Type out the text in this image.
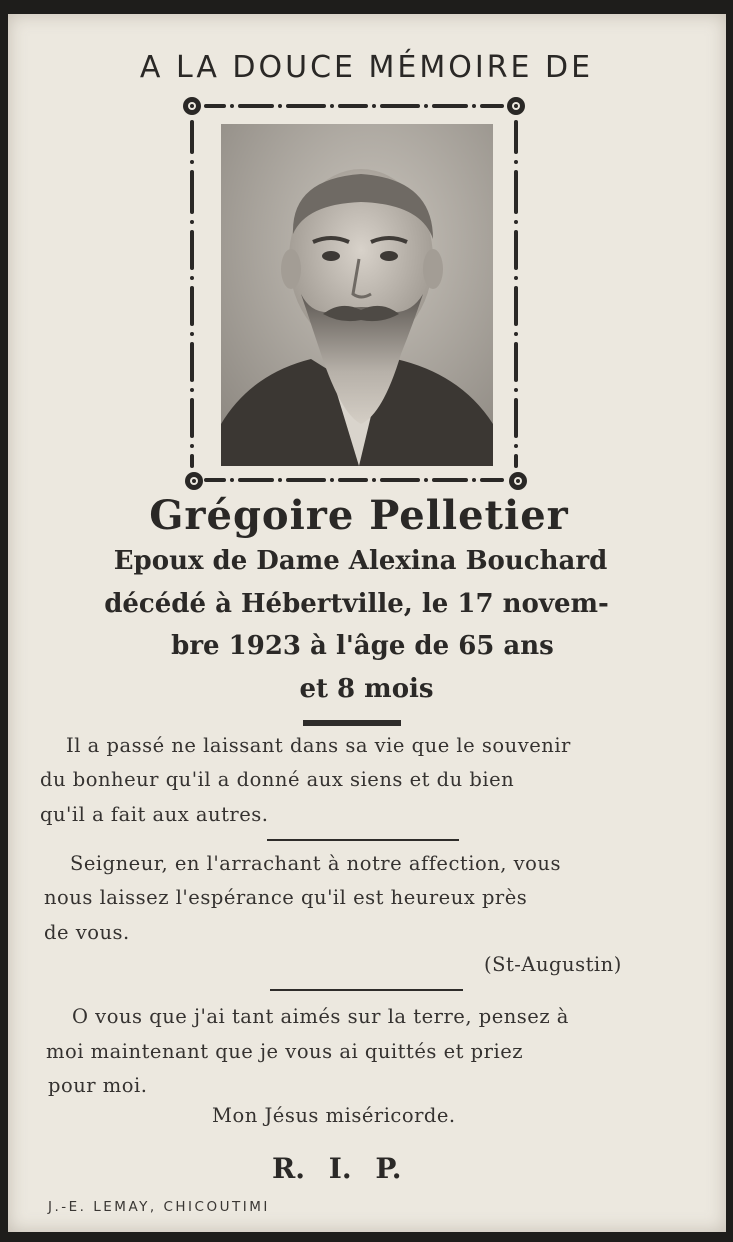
A LA DOUCE MÉMOIRE DE
Grégoire Pelletier
Epoux de Dame Alexina Bouchard
décédé à Hébertville, le 17 novem-
bre 1923 à l'âge de 65 ans
et 8 mois
Il a passé ne laissant dans sa vie que le souvenir
du bonheur qu'il a donné aux siens et du bien
qu'il a fait aux autres.
Seigneur, en l'arrachant à notre affection, vous
nous laissez l'espérance qu'il est heureux près
de vous.
(St-Augustin)
O vous que j'ai tant aimés sur la terre, pensez à
moi maintenant que je vous ai quittés et priez
pour moi.
Mon Jésus miséricorde.
R. I. P.
J.-E. LEMAY, CHICOUTIMI
